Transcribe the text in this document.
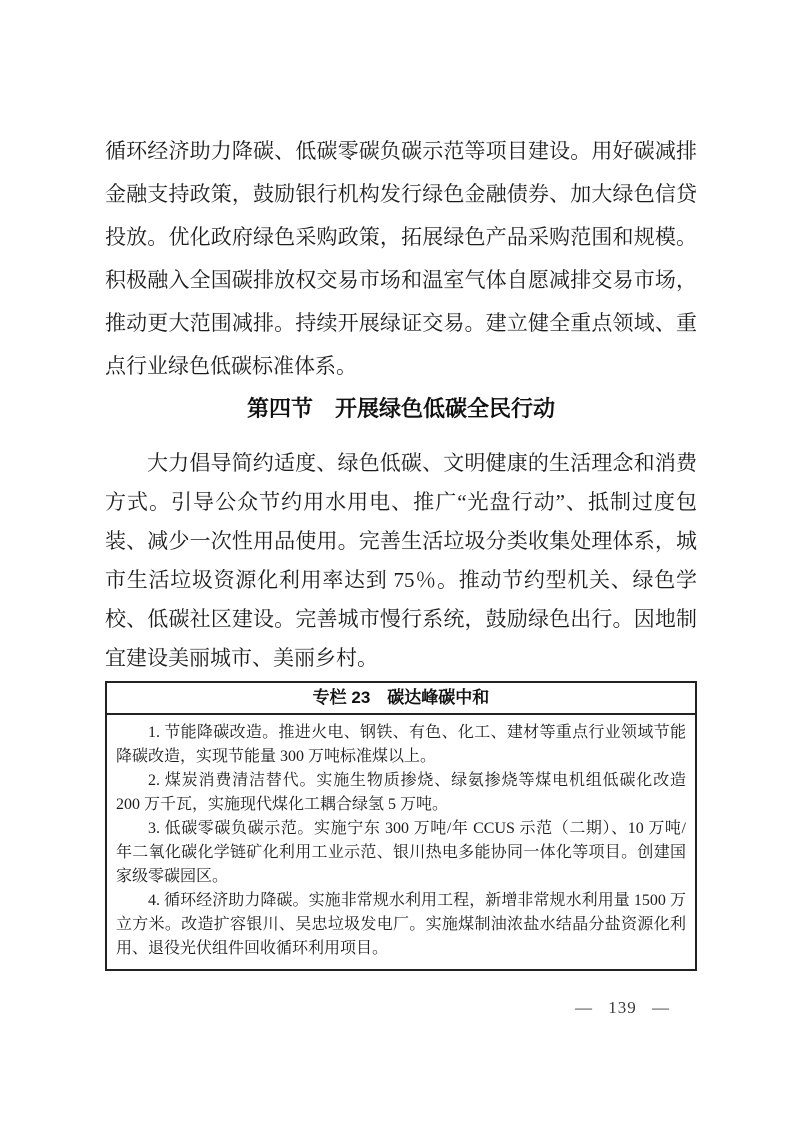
循环经济助力降碳、低碳零碳负碳示范等项目建设。用好碳减排
金融支持政策，鼓励银行机构发行绿色金融债券、加大绿色信贷
投放。优化政府绿色采购政策，拓展绿色产品采购范围和规模。
积极融入全国碳排放权交易市场和温室气体自愿减排交易市场，
推动更大范围减排。持续开展绿证交易。建立健全重点领域、重
点行业绿色低碳标准体系。
第四节　开展绿色低碳全民行动
大力倡导简约适度、绿色低碳、文明健康的生活理念和消费
方式。引导公众节约用水用电、推广“光盘行动”、抵制过度包
装、减少一次性用品使用。完善生活垃圾分类收集处理体系，城
市生活垃圾资源化利用率达到 75％。推动节约型机关、绿色学
校、低碳社区建设。完善城市慢行系统，鼓励绿色出行。因地制
宜建设美丽城市、美丽乡村。
专栏 23　碳达峰碳中和
1. 节能降碳改造。推进火电、钢铁、有色、化工、建材等重点行业领域节能
降碳改造，实现节能量 300 万吨标准煤以上。
2. 煤炭消费清洁替代。实施生物质掺烧、绿氨掺烧等煤电机组低碳化改造
200 万千瓦，实施现代煤化工耦合绿氢 5 万吨。
3. 低碳零碳负碳示范。实施宁东 300 万吨/年 CCUS 示范（二期）、10 万吨/
年二氧化碳化学链矿化利用工业示范、银川热电多能协同一体化等项目。创建国
家级零碳园区。
4. 循环经济助力降碳。实施非常规水利用工程，新增非常规水利用量 1500 万
立方米。改造扩容银川、吴忠垃圾发电厂。实施煤制油浓盐水结晶分盐资源化利
用、退役光伏组件回收循环利用项目。
— 139 —
